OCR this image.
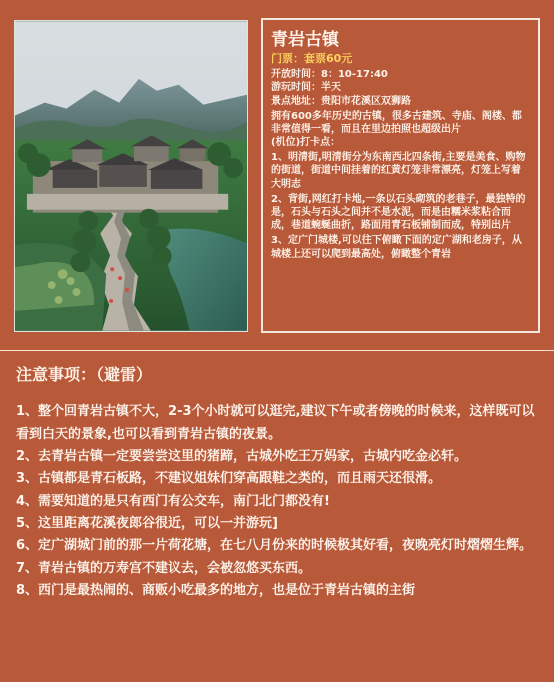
青岩古镇
门票：套票60元
开放时间：8：10-17:40
游玩时间：半天
景点地址：贵阳市花溪区双狮路
拥有600多年历史的古镇，很多古建筑、寺庙、阁楼、都非常值得一看，而且在里边拍照也超级出片
(机位)打卡点：
1、明清街,明清街分为东南西北四条街,主要是美食、购物的街道，街道中间挂着的红黄灯笼非常漂亮，灯笼上写着大明志
2、背街,网红打卡地,一条以石头砌筑的老巷子，最独特的是，石头与石头之间并不是水泥，而是由糯米浆粘合而成，巷道蜿蜒曲折，路面用青石板铺制而成，特别出片
3、定广门城楼,可以往下俯瞰下面的定广湖和老房子，从城楼上还可以爬到最高处，俯瞰整个青岩
注意事项：（避雷）

1、整个回青岩古镇不大，2-3个小时就可以逛完,建议下午或者傍晚的时候来，这样既可以看到白天的景象,也可以看到青岩古镇的夜景。

2、去青岩古镇一定要尝尝这里的猪蹄，古城外吃王万妈家，古城内吃金必轩。

3、古镇都是青石板路，不建议姐妹们穿高跟鞋之类的，而且雨天还很滑。

4、需要知道的是只有西门有公交车，南门北门都没有!

5、这里距离花溪夜郎谷很近，可以一并游玩]

6、定广湖城门前的那一片荷花塘，在七八月份来的时候极其好看，夜晚亮灯时熠熠生辉。

7、青岩古镇的万寿宫不建议去，会被忽悠买东西。

8、西门是最热闹的、商贩小吃最多的地方，也是位于青岩古镇的主街
